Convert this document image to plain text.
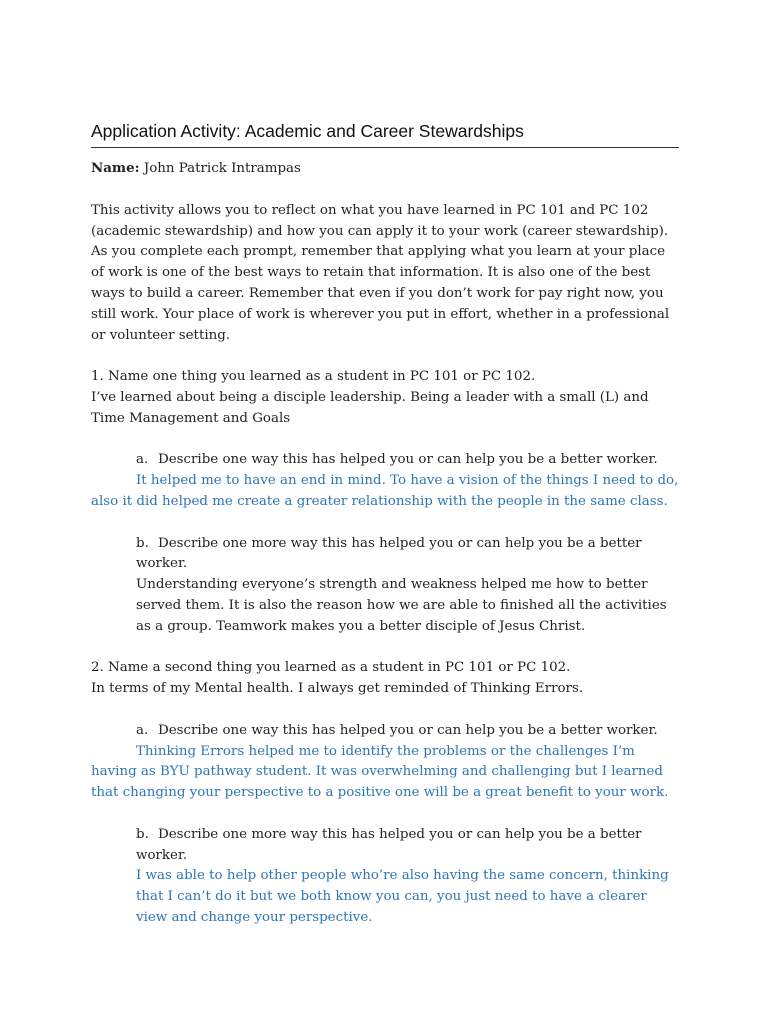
Application Activity: Academic and Career Stewardships

Name: John Patrick Intrampas

This activity allows you to reflect on what you have learned in PC 101 and PC 102 (academic stewardship) and how you can apply it to your work (career stewardship). As you complete each prompt, remember that applying what you learn at your place of work is one of the best ways to retain that information. It is also one of the best ways to build a career. Remember that even if you don’t work for pay right now, you still work. Your place of work is wherever you put in effort, whether in a professional or volunteer setting.

1. Name one thing you learned as a student in PC 101 or PC 102.

I’ve learned about being a disciple leadership. Being a leader with a small (L) and Time Management and Goals

a. Describe one way this has helped you or can help you be a better worker.

It helped me to have an end in mind. To have a vision of the things I need to do, also it did helped me create a greater relationship with the people in the same class.

b. Describe one more way this has helped you or can help you be a better worker.

Understanding everyone’s strength and weakness helped me how to better served them. It is also the reason how we are able to finished all the activities as a group. Teamwork makes you a better disciple of Jesus Christ.

2. Name a second thing you learned as a student in PC 101 or PC 102.

In terms of my Mental health. I always get reminded of Thinking Errors.

a. Describe one way this has helped you or can help you be a better worker.

Thinking Errors helped me to identify the problems or the challenges I’m having as BYU pathway student. It was overwhelming and challenging but I learned that changing your perspective to a positive one will be a great benefit to your work.

b. Describe one more way this has helped you or can help you be a better worker.

I was able to help other people who’re also having the same concern, thinking that I can’t do it but we both know you can, you just need to have a clearer view and change your perspective.
